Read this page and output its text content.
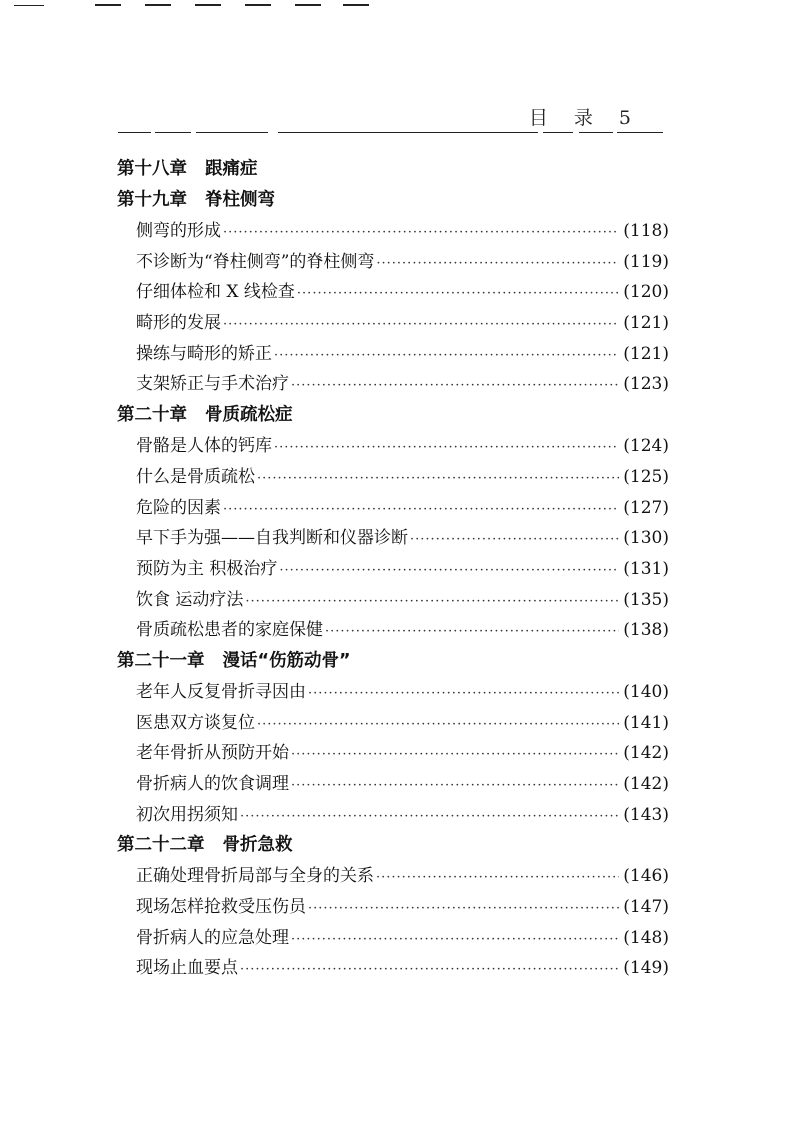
目 录 5
第十八章 跟痛症
第十九章 脊柱侧弯
侧弯的形成 ·····	(118)
不诊断为“脊柱侧弯”的脊柱侧弯 ·····	(119)
仔细体检和 X 线检查 ·····	(120)
畸形的发展 ·····	(121)
操练与畸形的矫正 ·····	(121)
支架矫正与手术治疗 ·····	(123)
第二十章 骨质疏松症
骨骼是人体的钙库 ·····	(124)
什么是骨质疏松 ·····	(125)
危险的因素 ·····	(127)
早下手为强——自我判断和仪器诊断 ·····	(130)
预防为主 积极治疗 ·····	(131)
饮食 运动疗法 ·····	(135)
骨质疏松患者的家庭保健 ·····	(138)
第二十一章 漫话“伤筋动骨”
老年人反复骨折寻因由 ·····	(140)
医患双方谈复位 ·····	(141)
老年骨折从预防开始 ·····	(142)
骨折病人的饮食调理 ·····	(142)
初次用拐须知 ·····	(143)
第二十二章 骨折急救
正确处理骨折局部与全身的关系 ·····	(146)
现场怎样抢救受压伤员 ·····	(147)
骨折病人的应急处理 ·····	(148)
现场止血要点 ·····	(149)
